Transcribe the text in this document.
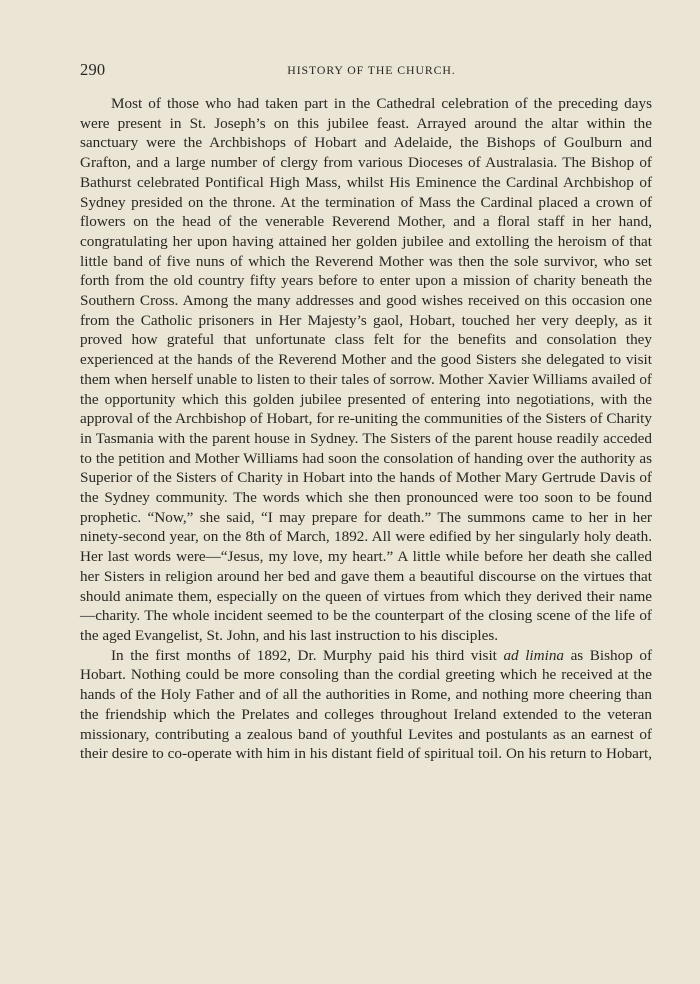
290	HISTORY OF THE CHURCH.

Most of those who had taken part in the Cathedral celebration of the preceding days were present in St. Joseph’s on this jubilee feast. Arrayed around the altar within the sanctuary were the Archbishops of Hobart and Adelaide, the Bishops of Goulburn and Grafton, and a large number of clergy from various Dioceses of Australasia. The Bishop of Bathurst celebrated Pontifical High Mass, whilst His Eminence the Cardinal Archbishop of Sydney presided on the throne. At the termination of Mass the Cardinal placed a crown of flowers on the head of the venerable Reverend Mother, and a floral staff in her hand, congratulating her upon having attained her golden jubilee and extolling the heroism of that little band of five nuns of which the Reverend Mother was then the sole survivor, who set forth from the old country fifty years before to enter upon a mission of charity beneath the Southern Cross. Among the many addresses and good wishes received on this occasion one from the Catholic prisoners in Her Majesty’s gaol, Hobart, touched her very deeply, as it proved how grateful that unfortunate class felt for the benefits and consolation they experienced at the hands of the Reverend Mother and the good Sisters she delegated to visit them when herself unable to listen to their tales of sorrow. Mother Xavier Williams availed of the opportunity which this golden jubilee presented of entering into negotiations, with the approval of the Archbishop of Hobart, for re-uniting the communities of the Sisters of Charity in Tasmania with the parent house in Sydney. The Sisters of the parent house readily acceded to the petition and Mother Williams had soon the consolation of handing over the authority as Superior of the Sisters of Charity in Hobart into the hands of Mother Mary Gertrude Davis of the Sydney community. The words which she then pronounced were too soon to be found prophetic. “Now,” she said, “I may prepare for death.” The summons came to her in her ninety-second year, on the 8th of March, 1892. All were edified by her singularly holy death. Her last words were—“Jesus, my love, my heart.” A little while before her death she called her Sisters in religion around her bed and gave them a beautiful discourse on the virtues that should animate them, especially on the queen of virtues from which they derived their name—charity. The whole incident seemed to be the counterpart of the closing scene of the life of the aged Evangelist, St. John, and his last instruction to his disciples.

In the first months of 1892, Dr. Murphy paid his third visit ad limina as Bishop of Hobart. Nothing could be more consoling than the cordial greeting which he received at the hands of the Holy Father and of all the authorities in Rome, and nothing more cheering than the friendship which the Prelates and colleges throughout Ireland extended to the veteran missionary, contributing a zealous band of youthful Levites and postulants as an earnest of their desire to co-operate with him in his distant field of spiritual toil. On his return to Hobart,
